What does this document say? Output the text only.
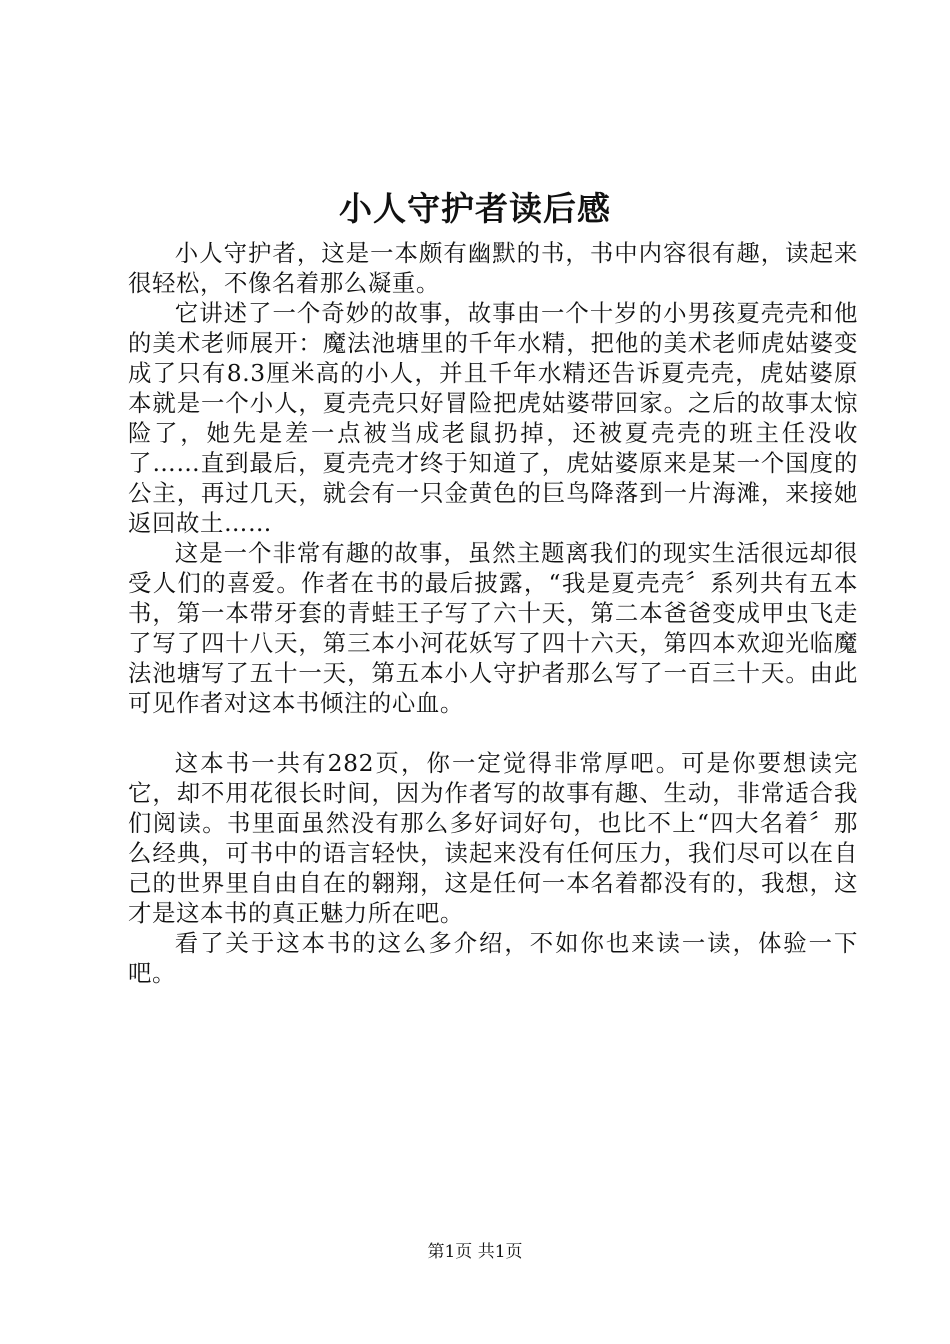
小人守护者读后感

小人守护者，这是一本颇有幽默的书，书中内容很有趣，读起来很轻松，不像名着那么凝重。

它讲述了一个奇妙的故事，故事由一个十岁的小男孩夏壳壳和他的美术老师展开：魔法池塘里的千年水精，把他的美术老师虎姑婆变成了只有8.3厘米高的小人，并且千年水精还告诉夏壳壳，虎姑婆原本就是一个小人，夏壳壳只好冒险把虎姑婆带回家。之后的故事太惊险了，她先是差一点被当成老鼠扔掉，还被夏壳壳的班主任没收了……直到最后，夏壳壳才终于知道了，虎姑婆原来是某一个国度的公主，再过几天，就会有一只金黄色的巨鸟降落到一片海滩，来接她返回故土……

这是一个非常有趣的故事，虽然主题离我们的现实生活很远却很受人们的喜爱。作者在书的最后披露，“我是夏壳壳〞系列共有五本书，第一本带牙套的青蛙王子写了六十天，第二本爸爸变成甲虫飞走了写了四十八天，第三本小河花妖写了四十六天，第四本欢迎光临魔法池塘写了五十一天，第五本小人守护者那么写了一百三十天。由此可见作者对这本书倾注的心血。

这本书一共有282页，你一定觉得非常厚吧。可是你要想读完它，却不用花很长时间，因为作者写的故事有趣、生动，非常适合我们阅读。书里面虽然没有那么多好词好句，也比不上“四大名着〞那么经典，可书中的语言轻快，读起来没有任何压力，我们尽可以在自己的世界里自由自在的翱翔，这是任何一本名着都没有的，我想，这才是这本书的真正魅力所在吧。

看了关于这本书的这么多介绍，不如你也来读一读，体验一下吧。

第1页 共1页
